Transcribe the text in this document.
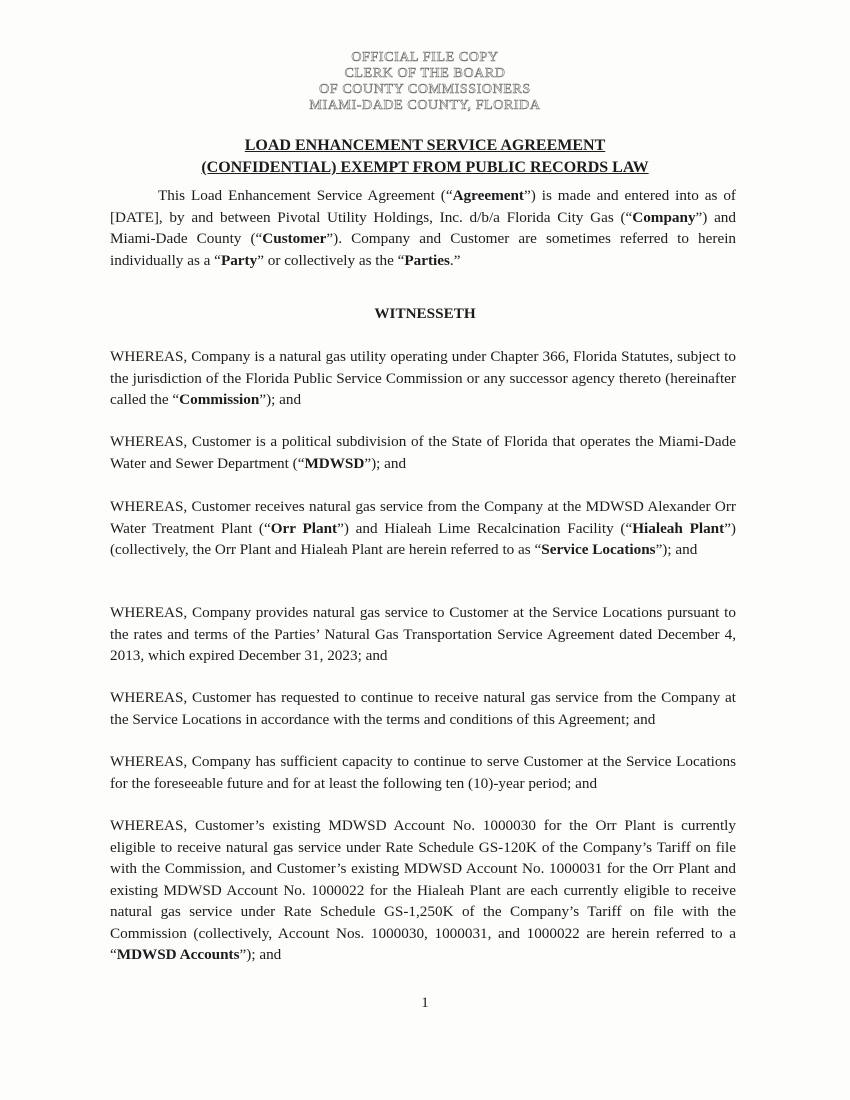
OFFICIAL FILE COPY
CLERK OF THE BOARD
OF COUNTY COMMISSIONERS
MIAMI-DADE COUNTY, FLORIDA
LOAD ENHANCEMENT SERVICE AGREEMENT
(CONFIDENTIAL) EXEMPT FROM PUBLIC RECORDS LAW

This Load Enhancement Service Agreement (“Agreement”) is made and entered into as of [DATE], by and between Pivotal Utility Holdings, Inc. d/b/a Florida City Gas (“Company”) and Miami-Dade County (“Customer”). Company and Customer are sometimes referred to herein individually as a “Party” or collectively as the “Parties.”

WITNESSETH

WHEREAS, Company is a natural gas utility operating under Chapter 366, Florida Statutes, subject to the jurisdiction of the Florida Public Service Commission or any successor agency thereto (hereinafter called the “Commission”); and

WHEREAS, Customer is a political subdivision of the State of Florida that operates the Miami-Dade Water and Sewer Department (“MDWSD”); and

WHEREAS, Customer receives natural gas service from the Company at the MDWSD Alexander Orr Water Treatment Plant (“Orr Plant”) and Hialeah Lime Recalcination Facility (“Hialeah Plant”) (collectively, the Orr Plant and Hialeah Plant are herein referred to as “Service Locations”); and

WHEREAS, Company provides natural gas service to Customer at the Service Locations pursuant to the rates and terms of the Parties’ Natural Gas Transportation Service Agreement dated December 4, 2013, which expired December 31, 2023; and

WHEREAS, Customer has requested to continue to receive natural gas service from the Company at the Service Locations in accordance with the terms and conditions of this Agreement; and

WHEREAS, Company has sufficient capacity to continue to serve Customer at the Service Locations for the foreseeable future and for at least the following ten (10)-year period; and

WHEREAS, Customer’s existing MDWSD Account No. 1000030 for the Orr Plant is currently eligible to receive natural gas service under Rate Schedule GS-120K of the Company’s Tariff on file with the Commission, and Customer’s existing MDWSD Account No. 1000031 for the Orr Plant and existing MDWSD Account No. 1000022 for the Hialeah Plant are each currently eligible to receive natural gas service under Rate Schedule GS-1,250K of the Company’s Tariff on file with the Commission (collectively, Account Nos. 1000030, 1000031, and 1000022 are herein referred to a “MDWSD Accounts”); and

1
